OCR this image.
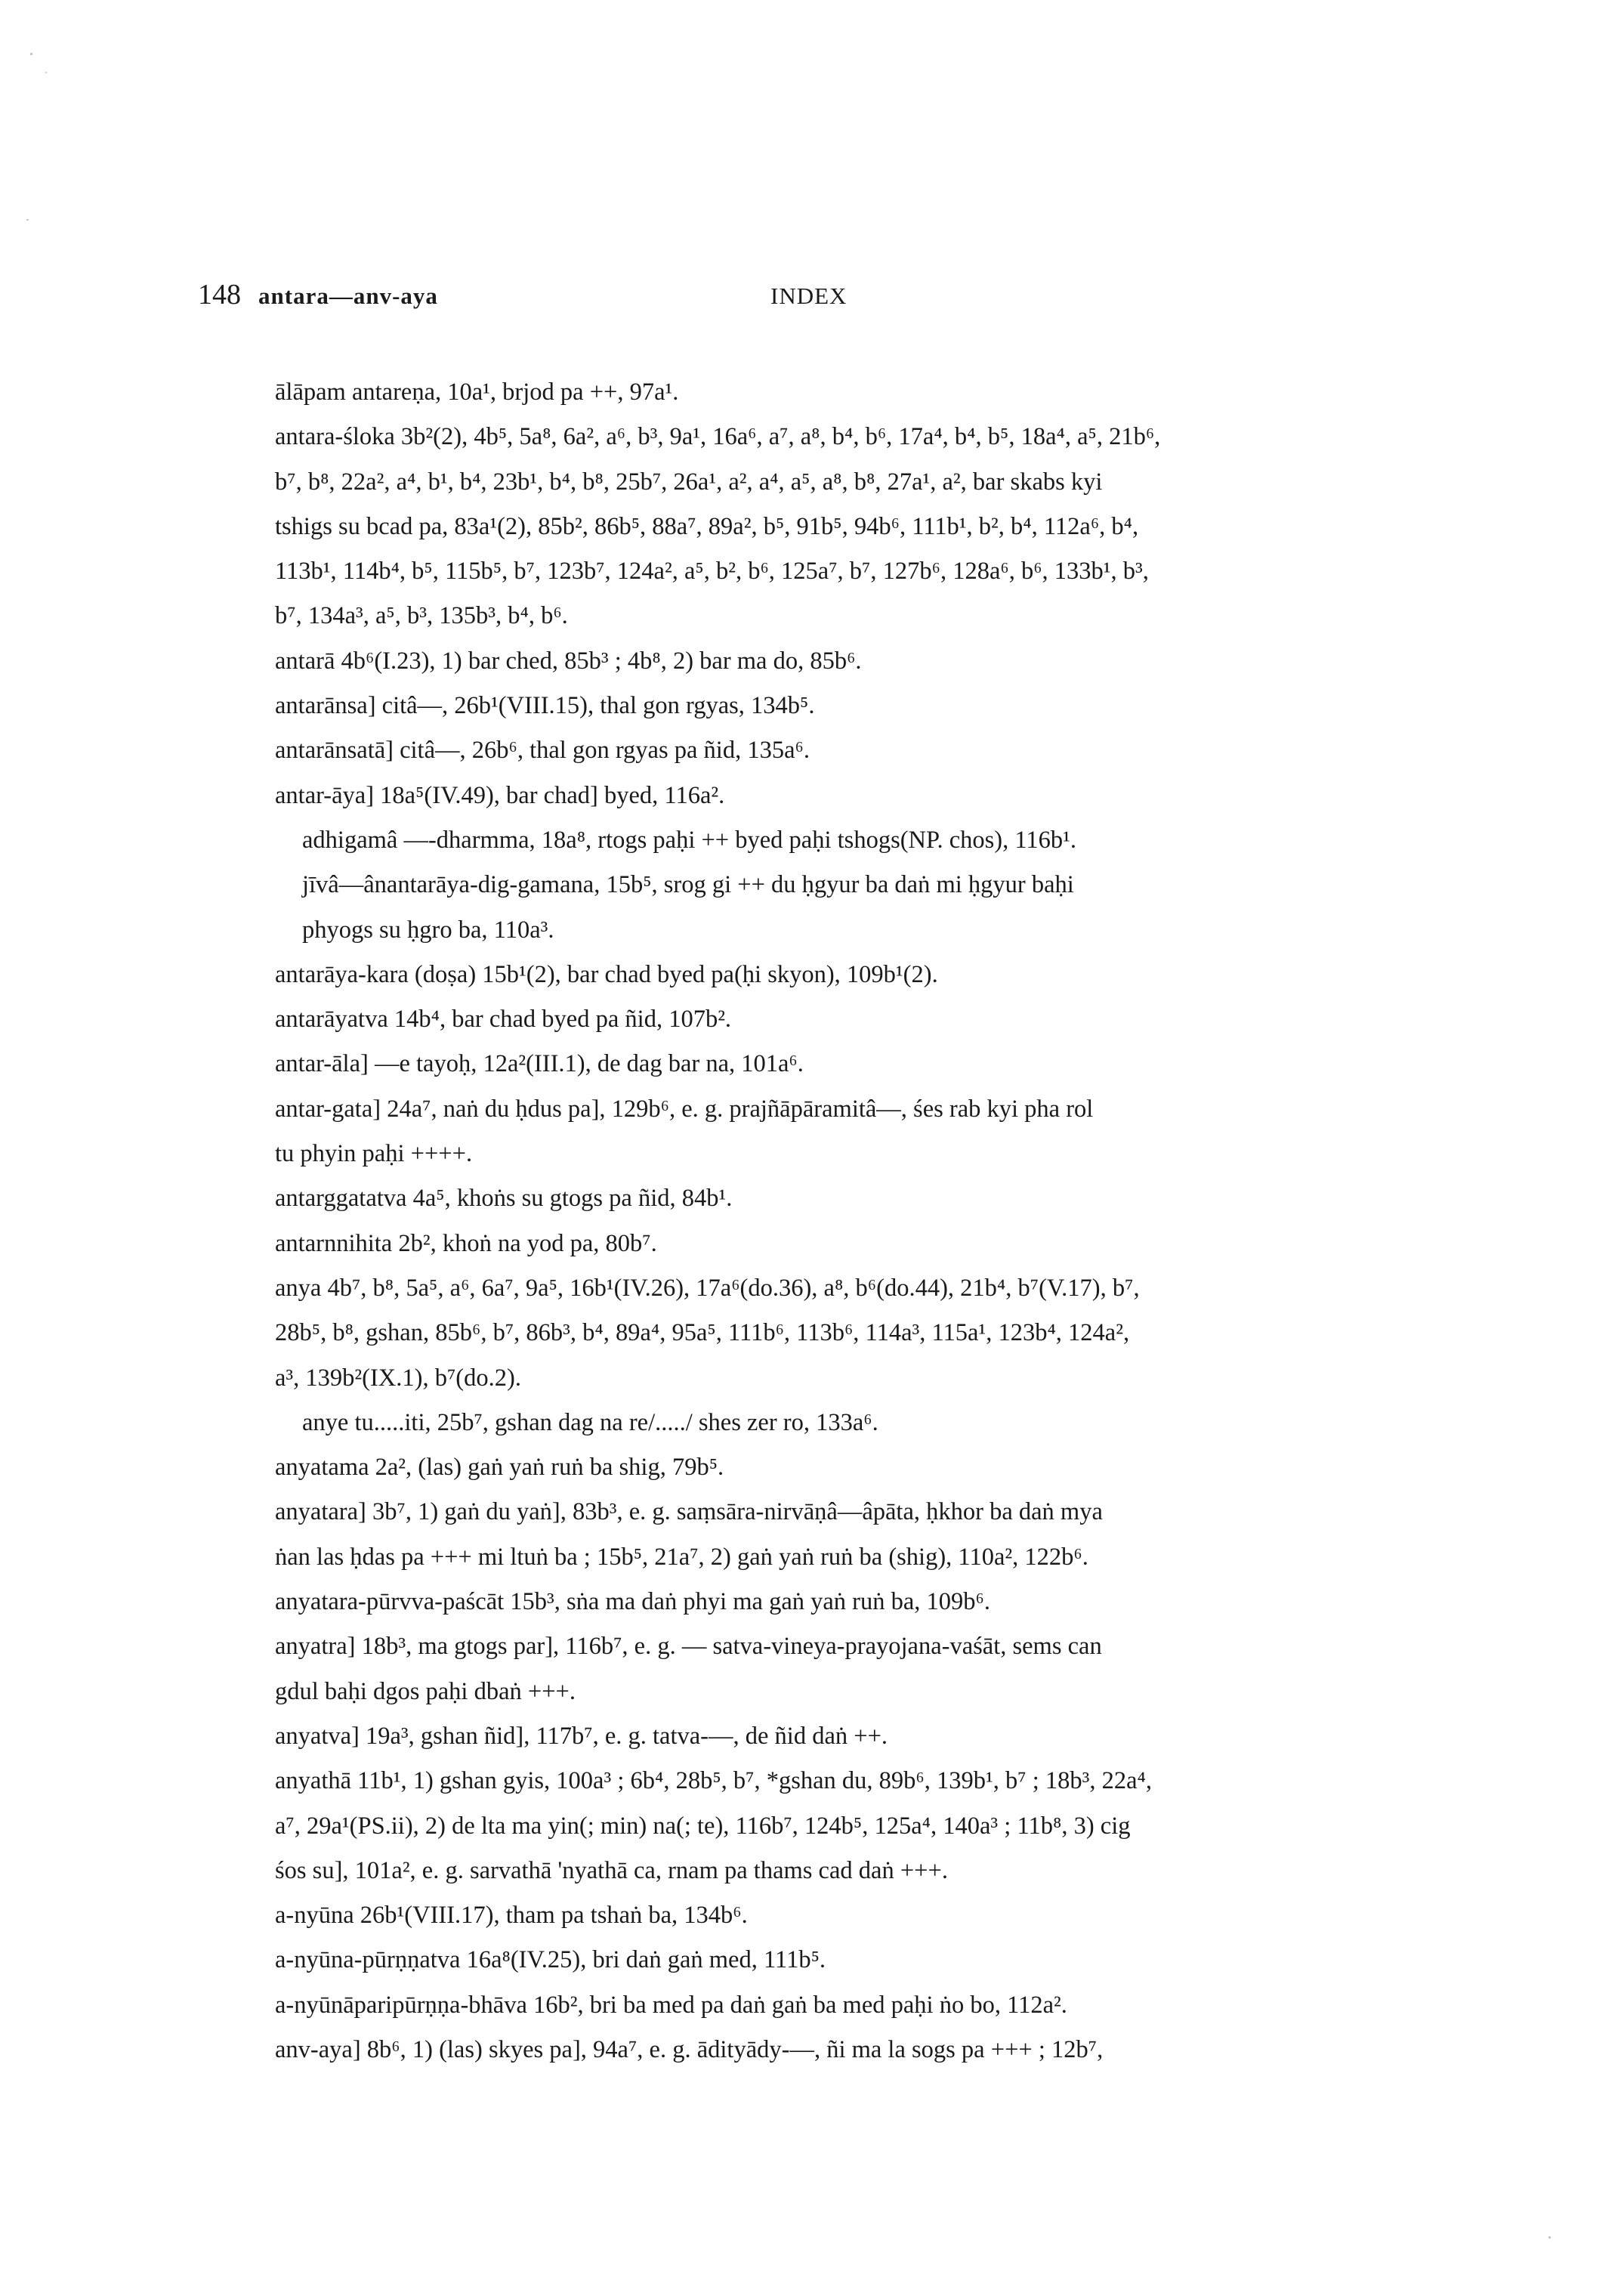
148 antara—anv-aya	INDEX
ālāpam antareṇa, 10a¹, brjod pa ++, 97a¹.
antara-śloka 3b²(2), 4b⁵, 5a⁸, 6a², a⁶, b³, 9a¹, 16a⁶, a⁷, a⁸, b⁴, b⁶, 17a⁴, b⁴, b⁵, 18a⁴, a⁵, 21b⁶,
b⁷, b⁸, 22a², a⁴, b¹, b⁴, 23b¹, b⁴, b⁸, 25b⁷, 26a¹, a², a⁴, a⁵, a⁸, b⁸, 27a¹, a², bar skabs kyi
tshigs su bcad pa, 83a¹(2), 85b², 86b⁵, 88a⁷, 89a², b⁵, 91b⁵, 94b⁶, 111b¹, b², b⁴, 112a⁶, b⁴,
113b¹, 114b⁴, b⁵, 115b⁵, b⁷, 123b⁷, 124a², a⁵, b², b⁶, 125a⁷, b⁷, 127b⁶, 128a⁶, b⁶, 133b¹, b³,
b⁷, 134a³, a⁵, b³, 135b³, b⁴, b⁶.
antarā 4b⁶(I.23), 1) bar ched, 85b³ ; 4b⁸, 2) bar ma do, 85b⁶.
antarānsa] citâ—, 26b¹(VIII.15), thal gon rgyas, 134b⁵.
antarānsatā] citâ—, 26b⁶, thal gon rgyas pa ñid, 135a⁶.
antar-āya] 18a⁵(IV.49), bar chad] byed, 116a².
adhigamâ —-dharmma, 18a⁸, rtogs paḥi ++ byed paḥi tshogs(NP. chos), 116b¹.
jīvâ—ânantarāya-dig-gamana, 15b⁵, srog gi ++ du ḥgyur ba daṅ mi ḥgyur baḥi
phyogs su ḥgro ba, 110a³.
antarāya-kara (doṣa) 15b¹(2), bar chad byed pa(ḥi skyon), 109b¹(2).
antarāyatva 14b⁴, bar chad byed pa ñid, 107b².
antar-āla] —e tayoḥ, 12a²(III.1), de dag bar na, 101a⁶.
antar-gata] 24a⁷, naṅ du ḥdus pa], 129b⁶, e. g. prajñāpāramitâ—, śes rab kyi pha rol
tu phyin paḥi ++++.
antarggatatva 4a⁵, khoṅs su gtogs pa ñid, 84b¹.
antarnnihita 2b², khoṅ na yod pa, 80b⁷.
anya 4b⁷, b⁸, 5a⁵, a⁶, 6a⁷, 9a⁵, 16b¹(IV.26), 17a⁶(do.36), a⁸, b⁶(do.44), 21b⁴, b⁷(V.17), b⁷,
28b⁵, b⁸, gshan, 85b⁶, b⁷, 86b³, b⁴, 89a⁴, 95a⁵, 111b⁶, 113b⁶, 114a³, 115a¹, 123b⁴, 124a²,
a³, 139b²(IX.1), b⁷(do.2).
anye tu.....iti, 25b⁷, gshan dag na re/...../ shes zer ro, 133a⁶.
anyatama 2a², (las) gaṅ yaṅ ruṅ ba shig, 79b⁵.
anyatara] 3b⁷, 1) gaṅ du yaṅ], 83b³, e. g. saṃsāra-nirvāṇâ—âpāta, ḥkhor ba daṅ mya
ṅan las ḥdas pa +++ mi ltuṅ ba ; 15b⁵, 21a⁷, 2) gaṅ yaṅ ruṅ ba (shig), 110a², 122b⁶.
anyatara-pūrvva-paścāt 15b³, sṅa ma daṅ phyi ma gaṅ yaṅ ruṅ ba, 109b⁶.
anyatra] 18b³, ma gtogs par], 116b⁷, e. g. — satva-vineya-prayojana-vaśāt, sems can
gdul baḥi dgos paḥi dbaṅ +++.
anyatva] 19a³, gshan ñid], 117b⁷, e. g. tatva-—, de ñid daṅ ++.
anyathā 11b¹, 1) gshan gyis, 100a³ ; 6b⁴, 28b⁵, b⁷, *gshan du, 89b⁶, 139b¹, b⁷ ; 18b³, 22a⁴,
a⁷, 29a¹(PS.ii), 2) de lta ma yin(; min) na(; te), 116b⁷, 124b⁵, 125a⁴, 140a³ ; 11b⁸, 3) cig
śos su], 101a², e. g. sarvathā 'nyathā ca, rnam pa thams cad daṅ +++.
a-nyūna 26b¹(VIII.17), tham pa tshaṅ ba, 134b⁶.
a-nyūna-pūrṇṇatva 16a⁸(IV.25), bri daṅ gaṅ med, 111b⁵.
a-nyūnāparipūrṇṇa-bhāva 16b², bri ba med pa daṅ gaṅ ba med paḥi ṅo bo, 112a².
anv-aya] 8b⁶, 1) (las) skyes pa], 94a⁷, e. g. ādityādy-—, ñi ma la sogs pa +++ ; 12b⁷,
